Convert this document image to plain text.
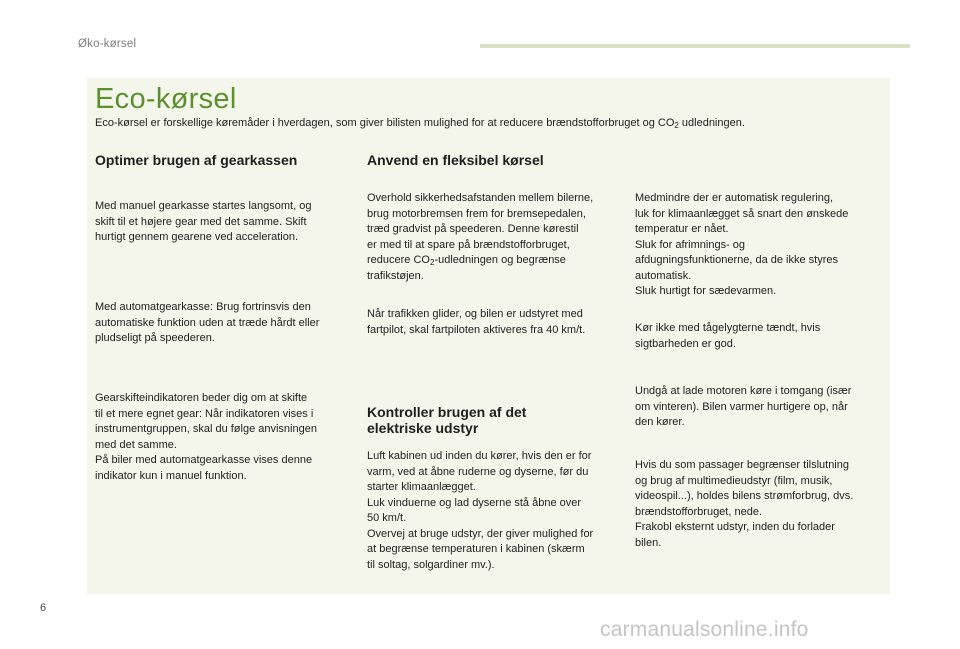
Øko-kørsel
Eco-kørsel
Eco-kørsel er forskellige køremåder i hverdagen, som giver bilisten mulighed for at reducere brændstofforbruget og $CO_2$ udledningen.
Optimer brugen af gearkassen
Med manuel gearkasse startes langsomt, og
skift til et højere gear med det samme. Skift
hurtigt gennem gearene ved acceleration.
Med automatgearkasse: Brug fortrinsvis den
automatiske funktion uden at træde hårdt eller
pludseligt på speederen.
Gearskifteindikatoren beder dig om at skifte
til et mere egnet gear: Når indikatoren vises i
instrumentgruppen, skal du følge anvisningen
med det samme.
På biler med automatgearkasse vises denne
indikator kun i manuel funktion.
Anvend en fleksibel kørsel
Overhold sikkerhedsafstanden mellem bilerne,
brug motorbremsen frem for bremsepedalen,
træd gradvist på speederen. Denne kørestil
er med til at spare på brændstofforbruget,
reducere $CO_2$-udledningen og begrænse
trafikstøjen.
Når trafikken glider, og bilen er udstyret med
fartpilot, skal fartpiloten aktiveres fra 40 km/t.
Kontroller brugen af det
elektriske udstyr
Luft kabinen ud inden du kører, hvis den er for
varm, ved at åbne ruderne og dyserne, før du
starter klimaanlægget.
Luk vinduerne og lad dyserne stå åbne over
50 km/t.
Overvej at bruge udstyr, der giver mulighed for
at begrænse temperaturen i kabinen (skærm
til soltag, solgardiner mv.).
Medmindre der er automatisk regulering,
luk for klimaanlægget så snart den ønskede
temperatur er nået.
Sluk for afrimnings- og
afdugningsfunktionerne, da de ikke styres
automatisk.
Sluk hurtigt for sædevarmen.
Kør ikke med tågelygterne tændt, hvis
sigtbarheden er god.
Undgå at lade motoren køre i tomgang (især
om vinteren). Bilen varmer hurtigere op, når
den kører.
Hvis du som passager begrænser tilslutning
og brug af multimedieudstyr (film, musik,
videospil...), holdes bilens strømforbrug, dvs.
brændstofforbruget, nede.
Frakobl eksternt udstyr, inden du forlader
bilen.
6
carmanualsonline.info
